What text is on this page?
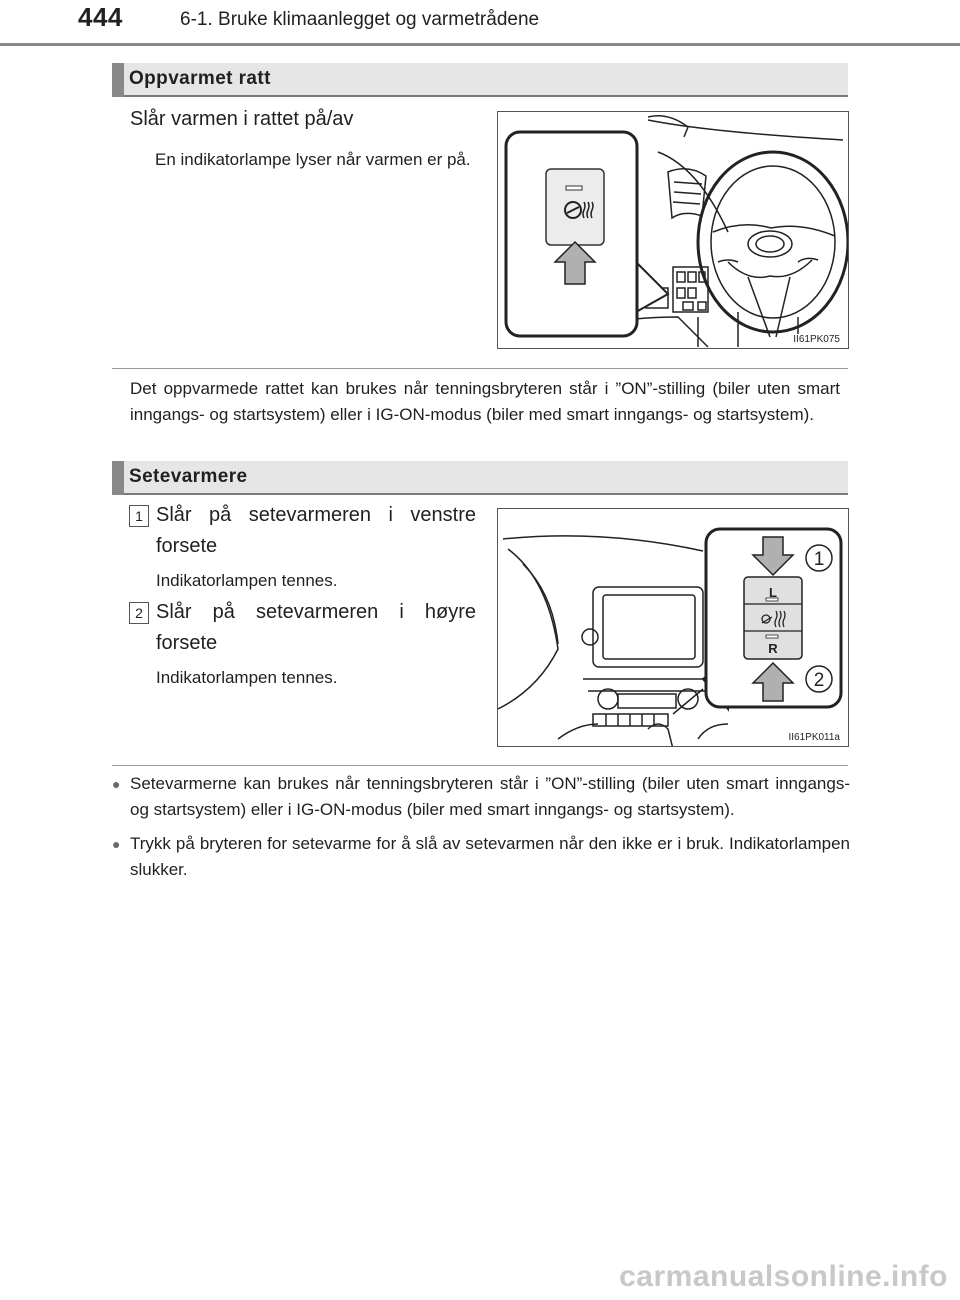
444	6-1. Bruke klimaanlegget og varmetrådene
Oppvarmet ratt
Slår varmen i rattet på/av
En indikatorlampe lyser når varmen er på.
II61PK075
Det oppvarmede rattet kan brukes når tenningsbryteren står i ”ON”-stilling (biler uten smart inngangs- og startsystem) eller i IG-ON-modus (biler med smart inngangs- og startsystem).
Setevarmere
1 Slår på setevarmeren i venstre forsete
Indikatorlampen tennes.
2 Slår på setevarmeren i høyre forsete
Indikatorlampen tennes.
1
2
L
R
II61PK011a
● Setevarmerne kan brukes når tenningsbryteren står i ”ON”-stilling (biler uten smart inngangs- og startsystem) eller i IG-ON-modus (biler med smart inngangs- og startsystem).
● Trykk på bryteren for setevarme for å slå av setevarmen når den ikke er i bruk. Indikatorlampen slukker.
carmanualsonline.info
